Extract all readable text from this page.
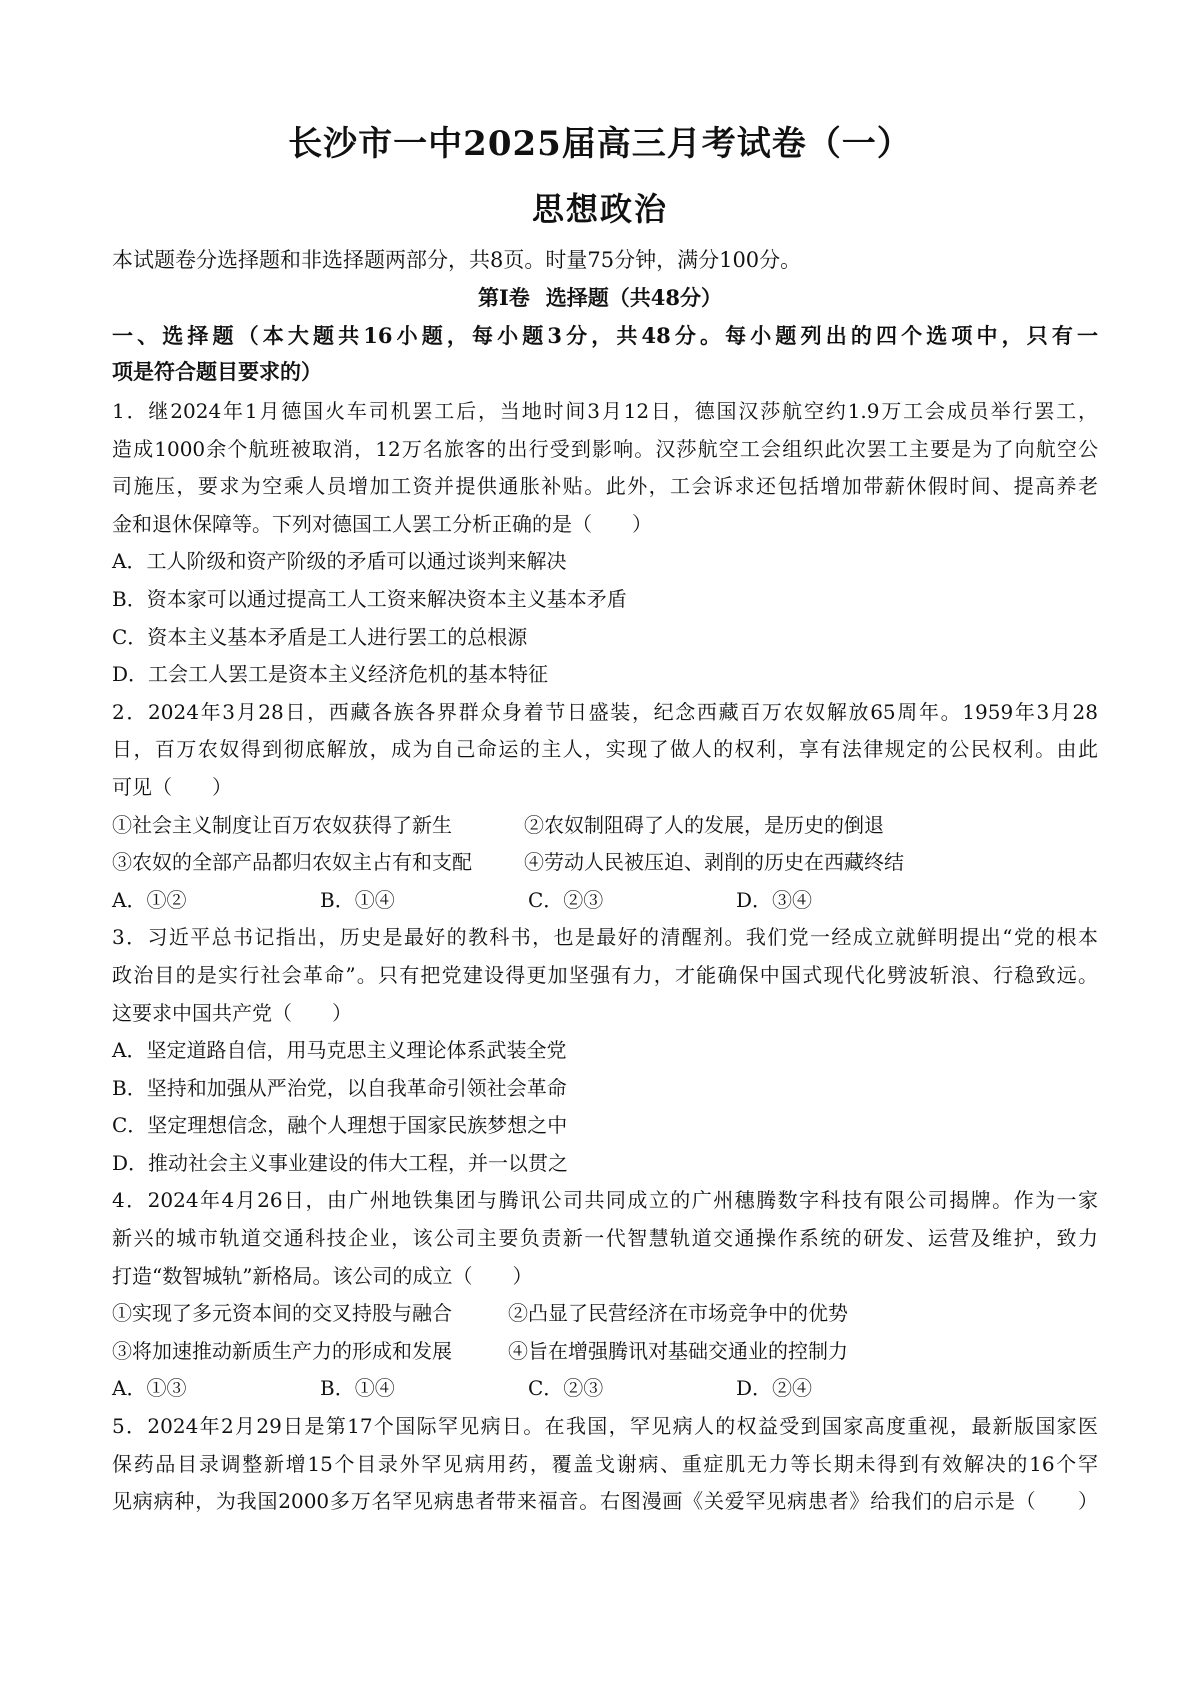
长沙市一中2025届高三月考试卷（一）
思想政治
本试题卷分选择题和非选择题两部分，共8页。时量75分钟，满分100分。
第Ⅰ卷 选择题（共48分）
一、选择题（本大题共16小题，每小题3分，共48分。每小题列出的四个选项中，只有一
项是符合题目要求的）
1．继2024年1月德国火车司机罢工后，当地时间3月12日，德国汉莎航空约1.9万工会成员举行罢工，
造成1000余个航班被取消，12万名旅客的出行受到影响。汉莎航空工会组织此次罢工主要是为了向航空公
司施压，要求为空乘人员增加工资并提供通胀补贴。此外，工会诉求还包括增加带薪休假时间、提高养老
金和退休保障等。下列对德国工人罢工分析正确的是（　　）
A．工人阶级和资产阶级的矛盾可以通过谈判来解决
B．资本家可以通过提高工人工资来解决资本主义基本矛盾
C．资本主义基本矛盾是工人进行罢工的总根源
D．工会工人罢工是资本主义经济危机的基本特征
2．2024年3月28日，西藏各族各界群众身着节日盛装，纪念西藏百万农奴解放65周年。1959年3月28
日，百万农奴得到彻底解放，成为自己命运的主人，实现了做人的权利，享有法律规定的公民权利。由此
可见（　　）
①社会主义制度让百万农奴获得了新生	②农奴制阻碍了人的发展，是历史的倒退
③农奴的全部产品都归农奴主占有和支配	④劳动人民被压迫、剥削的历史在西藏终结
A．①②	B．①④	C．②③	D．③④
3．习近平总书记指出，历史是最好的教科书，也是最好的清醒剂。我们党一经成立就鲜明提出“党的根本
政治目的是实行社会革命”。只有把党建设得更加坚强有力，才能确保中国式现代化劈波斩浪、行稳致远。
这要求中国共产党（　　）
A．坚定道路自信，用马克思主义理论体系武装全党
B．坚持和加强从严治党，以自我革命引领社会革命
C．坚定理想信念，融个人理想于国家民族梦想之中
D．推动社会主义事业建设的伟大工程，并一以贯之
4．2024年4月26日，由广州地铁集团与腾讯公司共同成立的广州穗腾数字科技有限公司揭牌。作为一家
新兴的城市轨道交通科技企业，该公司主要负责新一代智慧轨道交通操作系统的研发、运营及维护，致力
打造“数智城轨”新格局。该公司的成立（　　）
①实现了多元资本间的交叉持股与融合	②凸显了民营经济在市场竞争中的优势
③将加速推动新质生产力的形成和发展	④旨在增强腾讯对基础交通业的控制力
A．①③	B．①④	C．②③	D．②④
5．2024年2月29日是第17个国际罕见病日。在我国，罕见病人的权益受到国家高度重视，最新版国家医
保药品目录调整新增15个目录外罕见病用药，覆盖戈谢病、重症肌无力等长期未得到有效解决的16个罕
见病病种，为我国2000多万名罕见病患者带来福音。右图漫画《关爱罕见病患者》给我们的启示是（　　）
